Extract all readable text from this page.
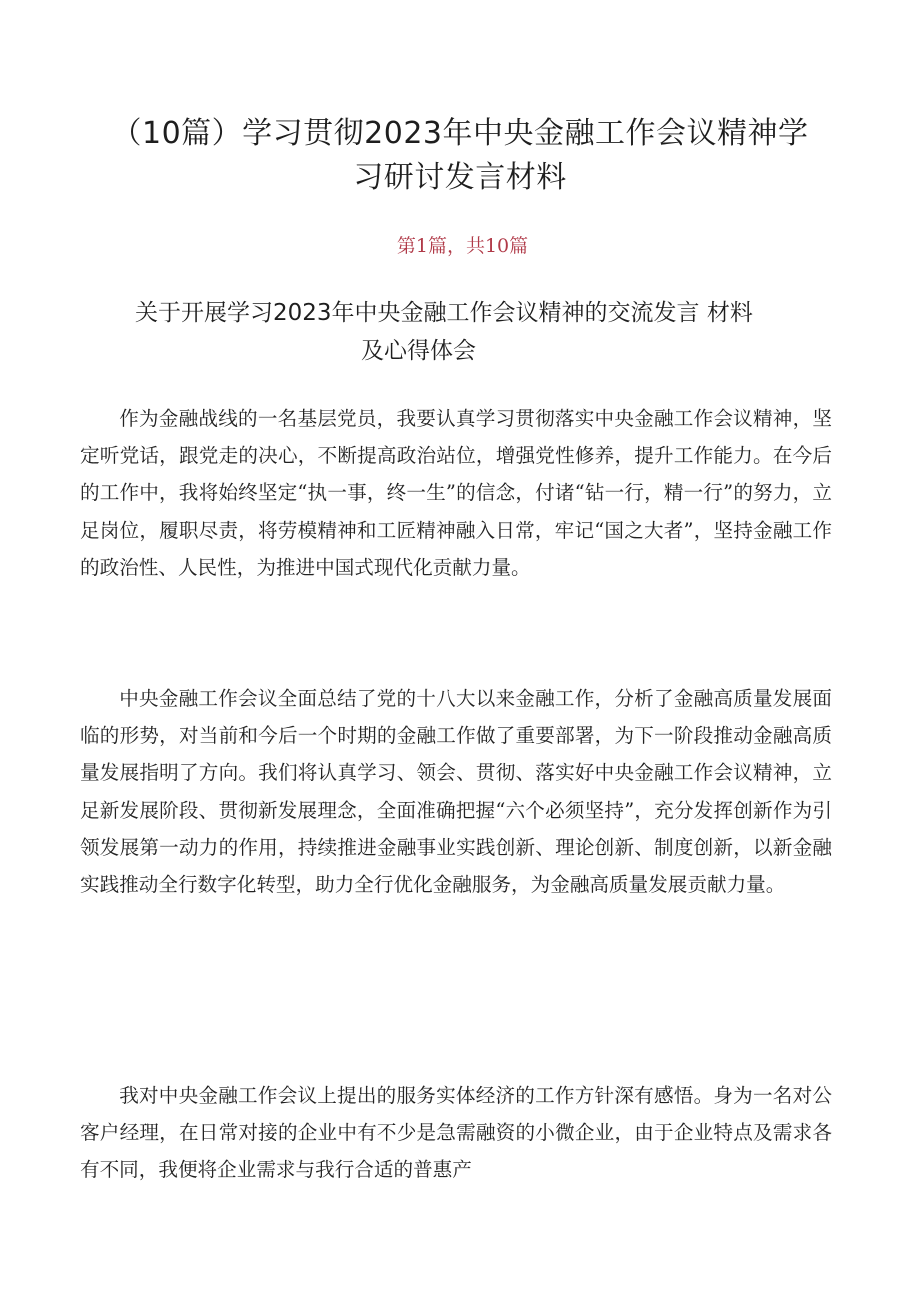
（10篇）学习贯彻2023年中央金融工作会议精神学
习研讨发言材料
第1篇，共10篇
关于开展学习2023年中央金融工作会议精神的交流发言 材料
及心得体会

作为金融战线的一名基层党员，我要认真学习贯彻落实中央金融工作会议精神，坚定听党话，跟党走的决心，不断提高政治站位，增强党性修养，提升工作能力。在今后的工作中，我将始终坚定“执一事，终一生”的信念，付诸“钻一行，精一行”的努力，立足岗位，履职尽责，将劳模精神和工匠精神融入日常，牢记“国之大者”，坚持金融工作的政治性、人民性，为推进中国式现代化贡献力量。

中央金融工作会议全面总结了党的十八大以来金融工作，分析了金融高质量发展面临的形势，对当前和今后一个时期的金融工作做了重要部署，为下一阶段推动金融高质量发展指明了方向。我们将认真学习、领会、贯彻、落实好中央金融工作会议精神，立足新发展阶段、贯彻新发展理念，全面准确把握“六个必须坚持”，充分发挥创新作为引领发展第一动力的作用，持续推进金融事业实践创新、理论创新、制度创新，以新金融实践推动全行数字化转型，助力全行优化金融服务，为金融高质量发展贡献力量。

我对中央金融工作会议上提出的服务实体经济的工作方针深有感悟。身为一名对公客户经理，在日常对接的企业中有不少是急需融资的小微企业，由于企业特点及需求各有不同，我便将企业需求与我行合适的普惠产
